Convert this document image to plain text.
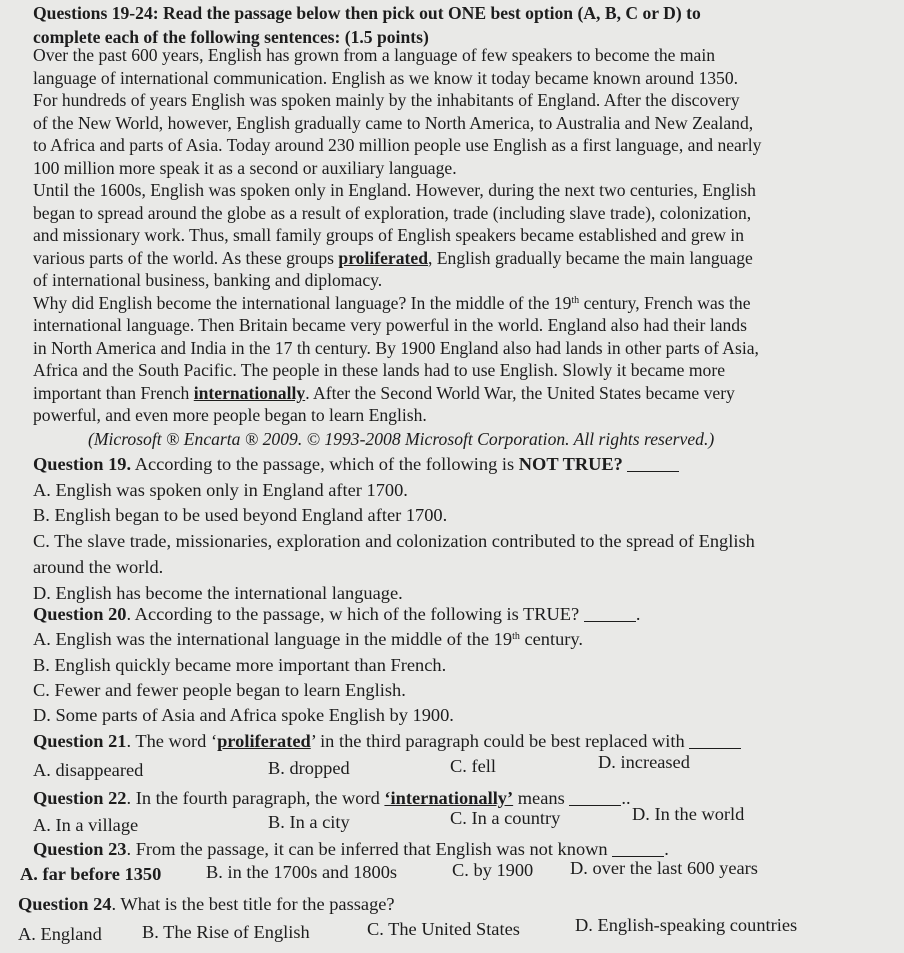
Questions 19-24: Read the passage below then pick out ONE best option (A, B, C or D) to
complete each of the following sentences: (1.5 points)
Over the past 600 years, English has grown from a language of few speakers to become the main
language of international communication. English as we know it today became known around 1350.
For hundreds of years English was spoken mainly by the inhabitants of England. After the discovery
of the New World, however, English gradually came to North America, to Australia and New Zealand,
to Africa and parts of Asia. Today around 230 million people use English as a first language, and nearly
100 million more speak it as a second or auxiliary language.
Until the 1600s, English was spoken only in England. However, during the next two centuries, English
began to spread around the globe as a result of exploration, trade (including slave trade), colonization,
and missionary work. Thus, small family groups of English speakers became established and grew in
various parts of the world. As these groups proliferated, English gradually became the main language
of international business, banking and diplomacy.
Why did English become the international language? In the middle of the 19th century, French was the
international language. Then Britain became very powerful in the world. England also had their lands
in North America and India in the 17 th century. By 1900 England also had lands in other parts of Asia,
Africa and the South Pacific. The people in these lands had to use English. Slowly it became more
important than French internationally. After the Second World War, the United States became very
powerful, and even more people began to learn English.
(Microsoft ® Encarta ® 2009. © 1993-2008 Microsoft Corporation. All rights reserved.)
Question 19. According to the passage, which of the following is NOT TRUE?
A. English was spoken only in England after 1700.
B. English began to be used beyond England after 1700.
C. The slave trade, missionaries, exploration and colonization contributed to the spread of English
around the world.
D. English has become the international language.
Question 20. According to the passage, w hich of the following is TRUE?	.
A. English was the international language in the middle of the 19th century.
B. English quickly became more important than French.
C. Fewer and fewer people began to learn English.
D. Some parts of Asia and Africa spoke English by 1900.
Question 21. The word ‘proliferated’ in the third paragraph could be best replaced with
A. disappeared	B. dropped	C. fell	D. increased
Question 22. In the fourth paragraph, the word ‘internationally’ means	..
A. In a village	B. In a city	C. In a country	D. In the world
Question 23. From the passage, it can be inferred that English was not known	.
A. far before 1350 B. in the 1700s and 1800s	C. by 1900 D. over the last 600 years
Question 24. What is the best title for the passage?
A. England B. The Rise of English	C. The United States	D. English-speaking countries
